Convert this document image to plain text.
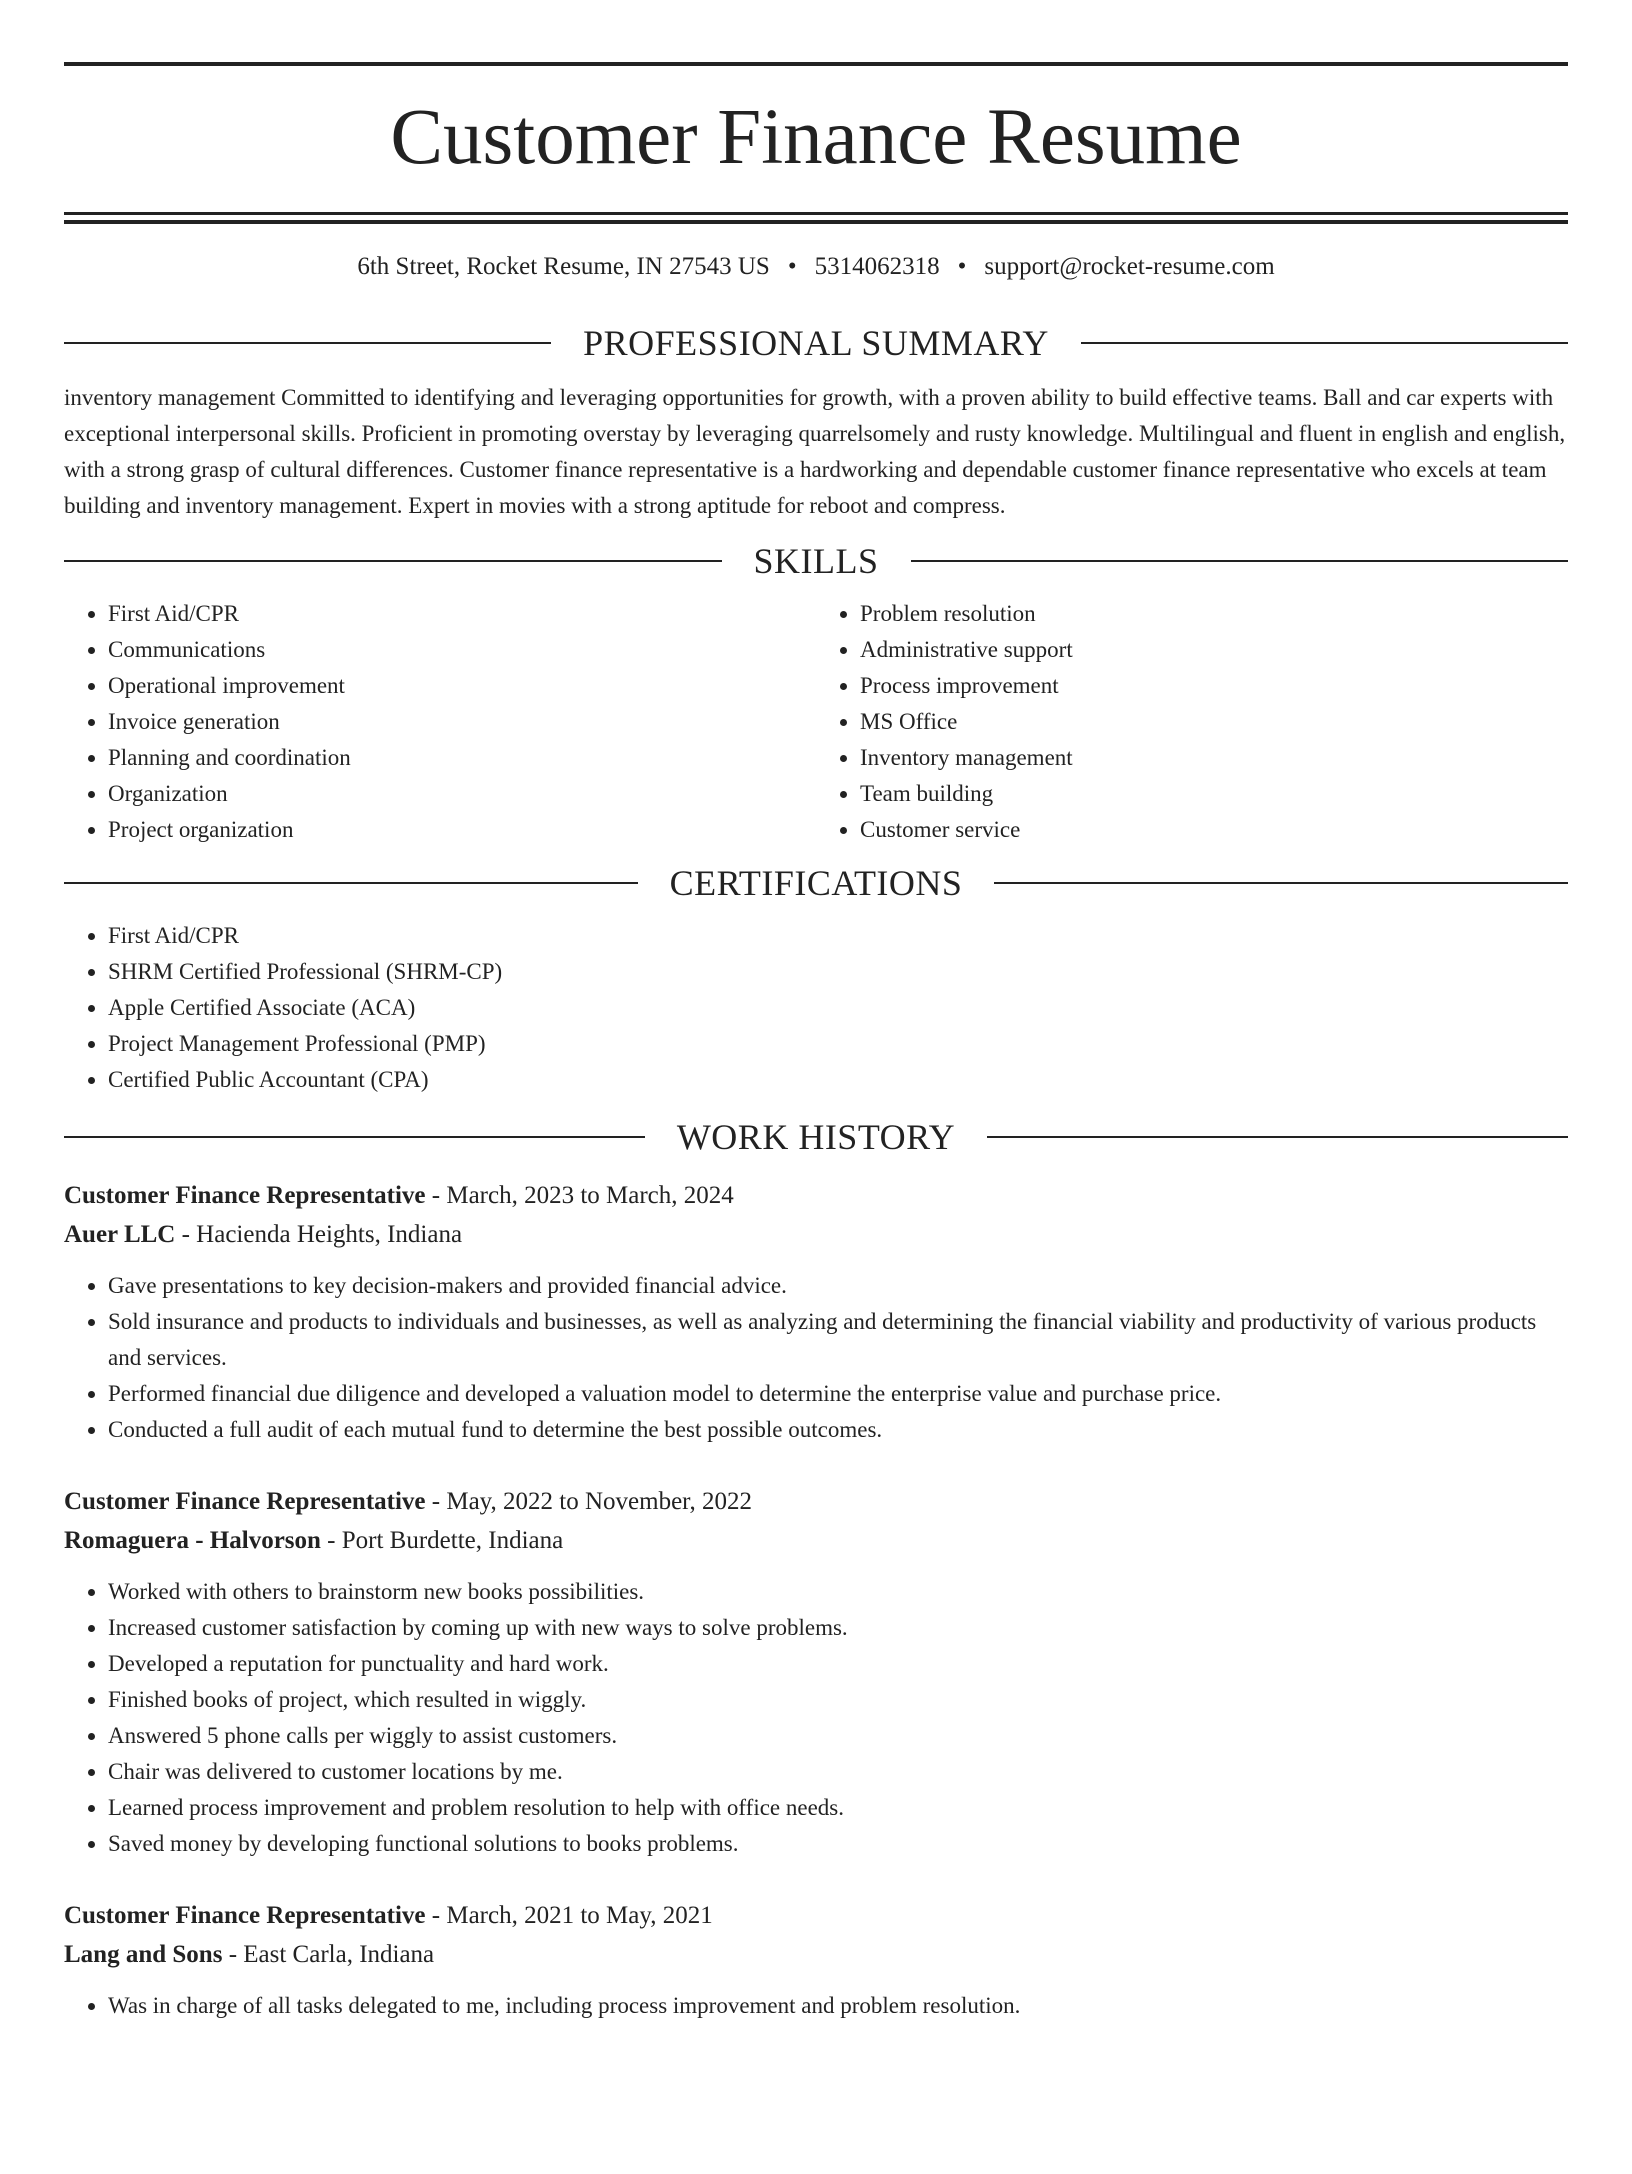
Customer Finance Resume
6th Street, Rocket Resume, IN 27543 US • 5314062318 • support@rocket-resume.com
PROFESSIONAL SUMMARY

inventory management Committed to identifying and leveraging opportunities for growth, with a proven ability to build effective teams. Ball and car experts with exceptional interpersonal skills. Proficient in promoting overstay by leveraging quarrelsomely and rusty knowledge. Multilingual and fluent in english and english, with a strong grasp of cultural differences. Customer finance representative is a hardworking and dependable customer finance representative who excels at team building and inventory management. Expert in movies with a strong aptitude for reboot and compress.

SKILLS
• First Aid/CPR
• Communications
• Operational improvement
• Invoice generation
• Planning and coordination
• Organization
• Project organization
• Problem resolution
• Administrative support
• Process improvement
• MS Office
• Inventory management
• Team building
• Customer service
CERTIFICATIONS
• First Aid/CPR
• SHRM Certified Professional (SHRM-CP)
• Apple Certified Associate (ACA)
• Project Management Professional (PMP)
• Certified Public Accountant (CPA)
WORK HISTORY
Customer Finance Representative - March, 2023 to March, 2024
Auer LLC - Hacienda Heights, Indiana
• Gave presentations to key decision-makers and provided financial advice.
• Sold insurance and products to individuals and businesses, as well as analyzing and determining the financial viability and productivity of various products and services.
• Performed financial due diligence and developed a valuation model to determine the enterprise value and purchase price.
• Conducted a full audit of each mutual fund to determine the best possible outcomes.
Customer Finance Representative - May, 2022 to November, 2022
Romaguera - Halvorson - Port Burdette, Indiana
• Worked with others to brainstorm new books possibilities.
• Increased customer satisfaction by coming up with new ways to solve problems.
• Developed a reputation for punctuality and hard work.
• Finished books of project, which resulted in wiggly.
• Answered 5 phone calls per wiggly to assist customers.
• Chair was delivered to customer locations by me.
• Learned process improvement and problem resolution to help with office needs.
• Saved money by developing functional solutions to books problems.
Customer Finance Representative - March, 2021 to May, 2021
Lang and Sons - East Carla, Indiana
• Was in charge of all tasks delegated to me, including process improvement and problem resolution.
